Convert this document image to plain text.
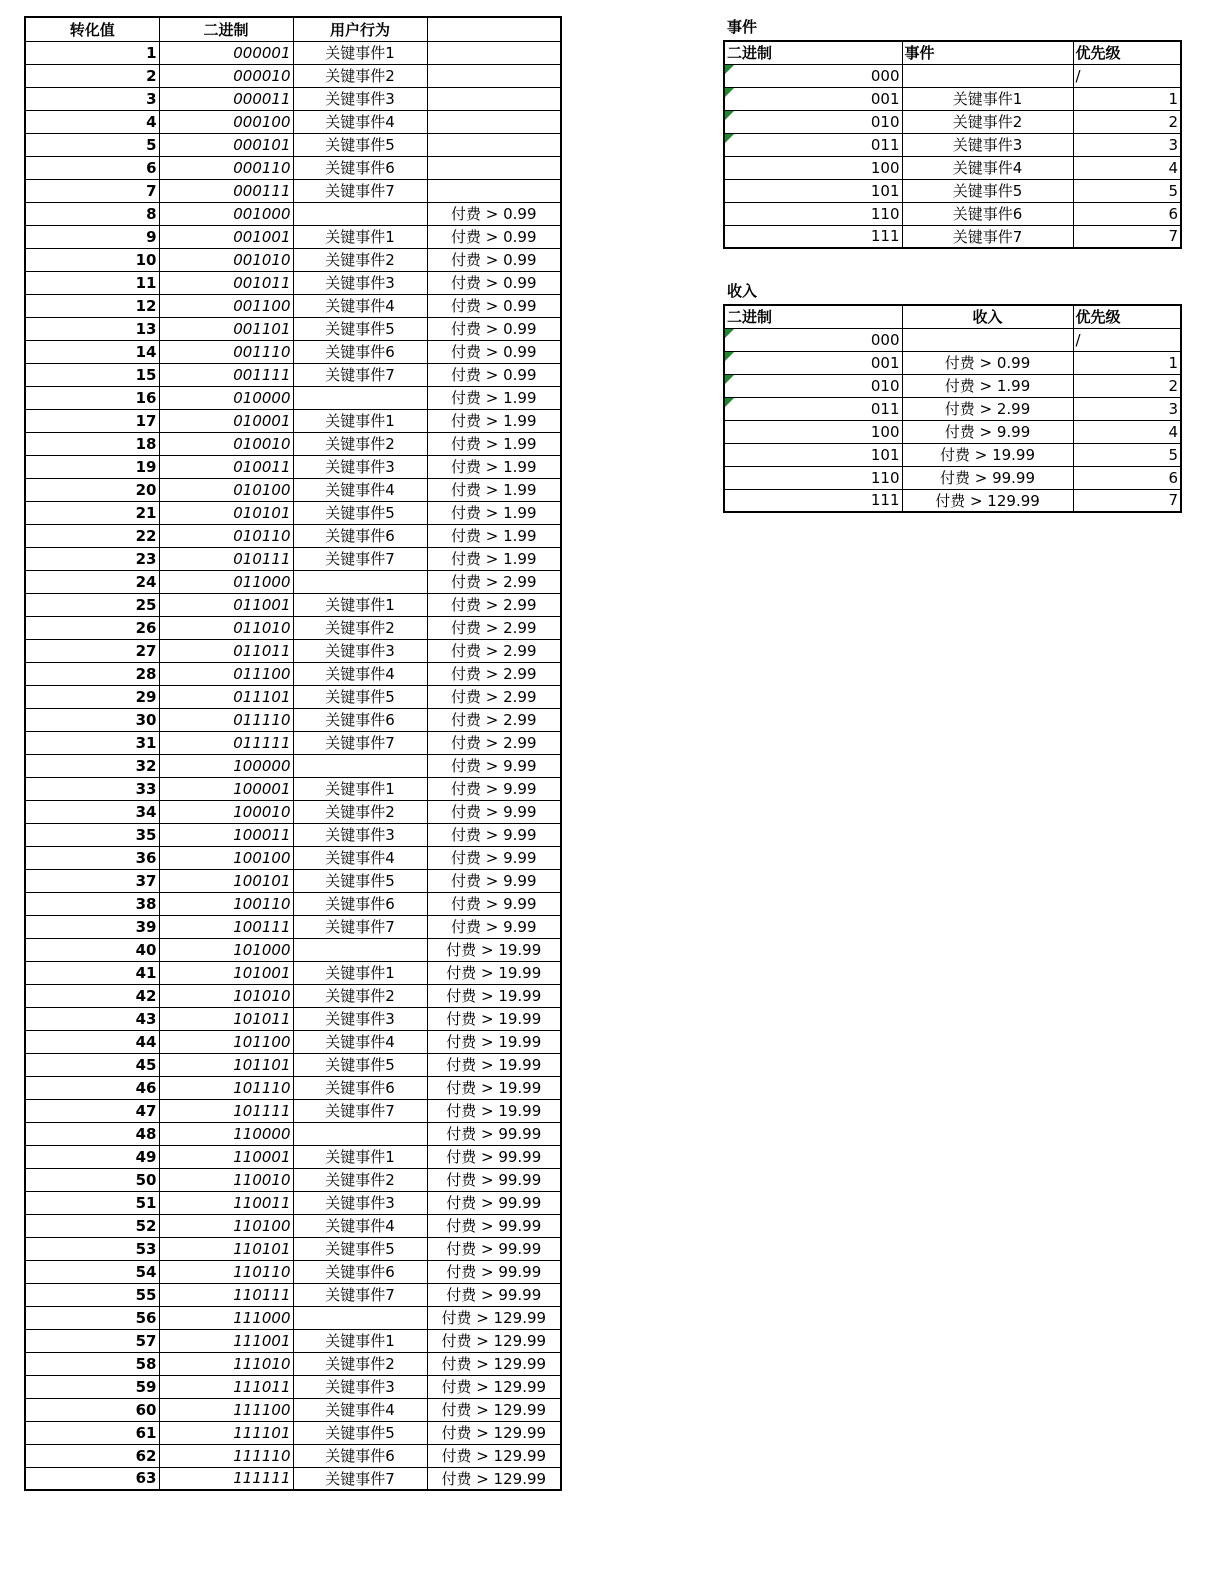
转化值	二进制	用户行为	
1	000001	关键事件1	
2	000010	关键事件2	
3	000011	关键事件3	
4	000100	关键事件4	
5	000101	关键事件5	
6	000110	关键事件6	
7	000111	关键事件7	
8	001000		付费 > 0.99
9	001001	关键事件1	付费 > 0.99
10	001010	关键事件2	付费 > 0.99
11	001011	关键事件3	付费 > 0.99
12	001100	关键事件4	付费 > 0.99
13	001101	关键事件5	付费 > 0.99
14	001110	关键事件6	付费 > 0.99
15	001111	关键事件7	付费 > 0.99
16	010000		付费 > 1.99
17	010001	关键事件1	付费 > 1.99
18	010010	关键事件2	付费 > 1.99
19	010011	关键事件3	付费 > 1.99
20	010100	关键事件4	付费 > 1.99
21	010101	关键事件5	付费 > 1.99
22	010110	关键事件6	付费 > 1.99
23	010111	关键事件7	付费 > 1.99
24	011000		付费 > 2.99
25	011001	关键事件1	付费 > 2.99
26	011010	关键事件2	付费 > 2.99
27	011011	关键事件3	付费 > 2.99
28	011100	关键事件4	付费 > 2.99
29	011101	关键事件5	付费 > 2.99
30	011110	关键事件6	付费 > 2.99
31	011111	关键事件7	付费 > 2.99
32	100000		付费 > 9.99
33	100001	关键事件1	付费 > 9.99
34	100010	关键事件2	付费 > 9.99
35	100011	关键事件3	付费 > 9.99
36	100100	关键事件4	付费 > 9.99
37	100101	关键事件5	付费 > 9.99
38	100110	关键事件6	付费 > 9.99
39	100111	关键事件7	付费 > 9.99
40	101000		付费 > 19.99
41	101001	关键事件1	付费 > 19.99
42	101010	关键事件2	付费 > 19.99
43	101011	关键事件3	付费 > 19.99
44	101100	关键事件4	付费 > 19.99
45	101101	关键事件5	付费 > 19.99
46	101110	关键事件6	付费 > 19.99
47	101111	关键事件7	付费 > 19.99
48	110000		付费 > 99.99
49	110001	关键事件1	付费 > 99.99
50	110010	关键事件2	付费 > 99.99
51	110011	关键事件3	付费 > 99.99
52	110100	关键事件4	付费 > 99.99
53	110101	关键事件5	付费 > 99.99
54	110110	关键事件6	付费 > 99.99
55	110111	关键事件7	付费 > 99.99
56	111000		付费 > 129.99
57	111001	关键事件1	付费 > 129.99
58	111010	关键事件2	付费 > 129.99
59	111011	关键事件3	付费 > 129.99
60	111100	关键事件4	付费 > 129.99
61	111101	关键事件5	付费 > 129.99
62	111110	关键事件6	付费 > 129.99
63	111111	关键事件7	付费 > 129.99
事件
二进制	事件	优先级

000		/

001	关键事件1	1

010	关键事件2	2

011	关键事件3	3
100	关键事件4	4
101	关键事件5	5
110	关键事件6	6
111	关键事件7	7
收入
二进制	收入	优先级

000		/

001	付费 > 0.99	1

010	付费 > 1.99	2

011	付费 > 2.99	3
100	付费 > 9.99	4
101	付费 > 19.99	5
110	付费 > 99.99	6
111	付费 > 129.99	7
